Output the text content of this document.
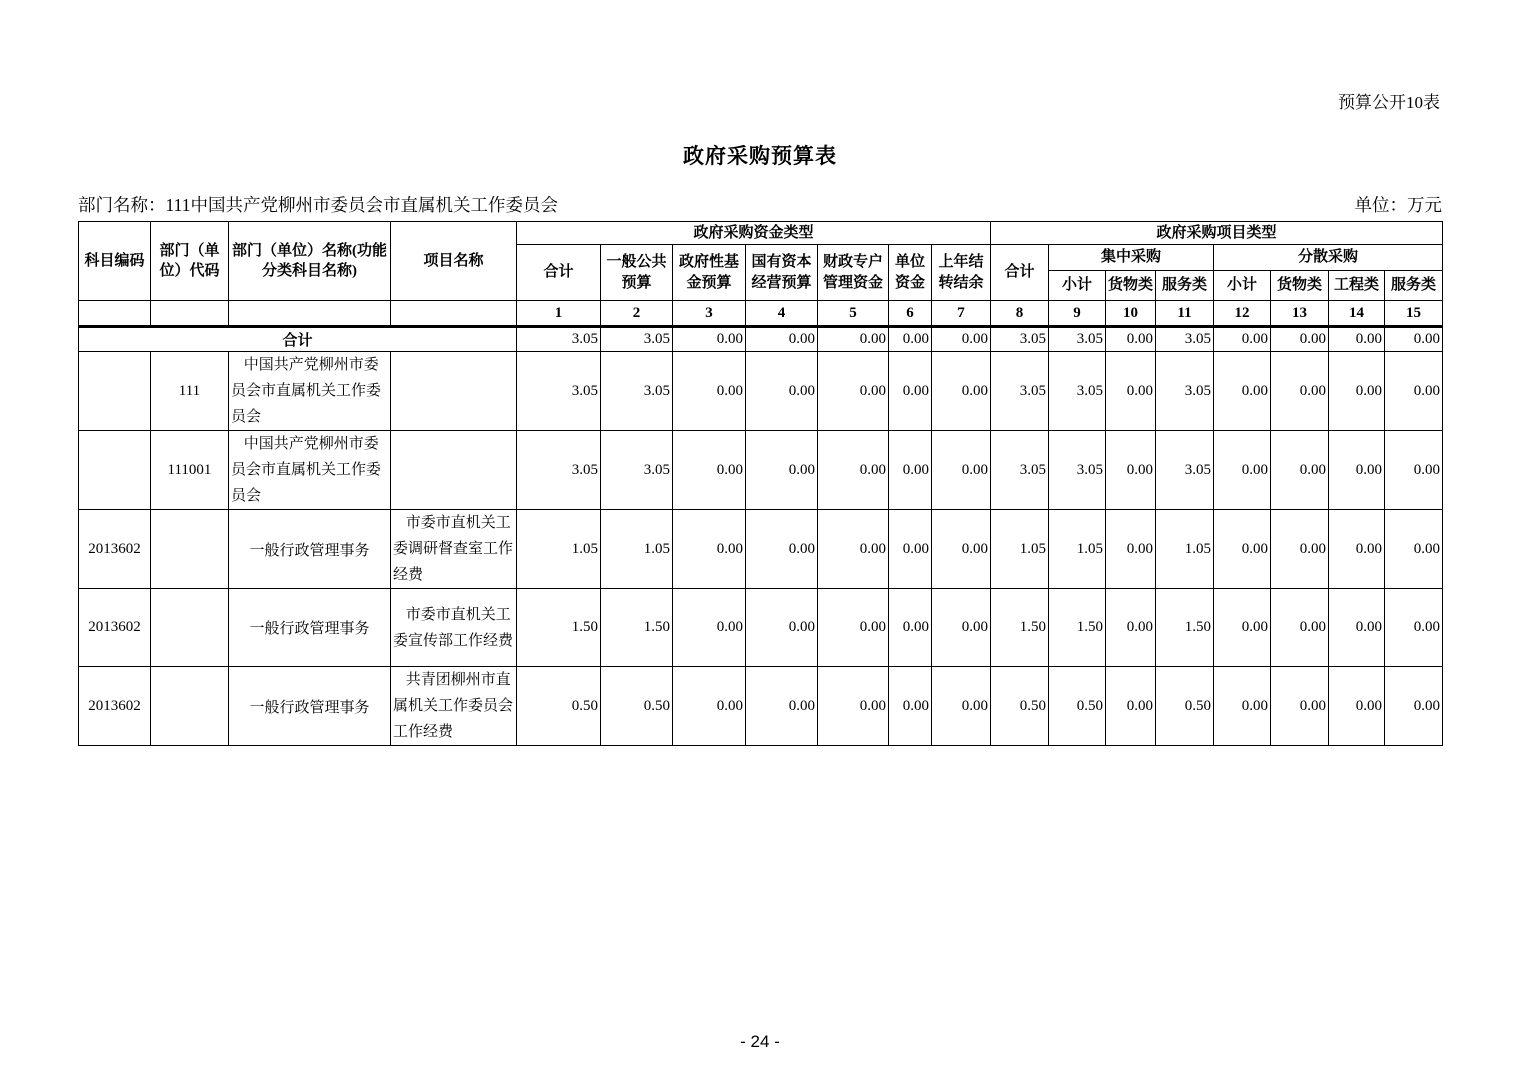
预算公开10表
政府采购预算表
部门名称：111中国共产党柳州市委员会市直属机关工作委员会	单位：万元
科目编码	部门（单位）代码	部门（单位）名称(功能分类科目名称)	项目名称	政府采购资金类型							政府采购项目类型							
				合计	一般公共预算	政府性基金预算	国有资本经营预算	财政专户管理资金	单位资金	上年结转结余	合计	集中采购			分散采购			
												小计	货物类	服务类	小计	货物类	工程类	服务类
				1	2	3	4	5	6	7	8	9	10	11	12	13	14	15
合计				3.05	3.05	0.00	0.00	0.00	0.00	0.00	3.05	3.05	0.00	3.05	0.00	0.00	0.00	0.00
	111	中国共产党柳州市委员会市直属机关工作委员会		3.05	3.05	0.00	0.00	0.00	0.00	0.00	3.05	3.05	0.00	3.05	0.00	0.00	0.00	0.00
	111001	中国共产党柳州市委员会市直属机关工作委员会		3.05	3.05	0.00	0.00	0.00	0.00	0.00	3.05	3.05	0.00	3.05	0.00	0.00	0.00	0.00
2013602		一般行政管理事务	市委市直机关工委调研督查室工作经费	1.05	1.05	0.00	0.00	0.00	0.00	0.00	1.05	1.05	0.00	1.05	0.00	0.00	0.00	0.00
2013602		一般行政管理事务	市委市直机关工委宣传部工作经费	1.50	1.50	0.00	0.00	0.00	0.00	0.00	1.50	1.50	0.00	1.50	0.00	0.00	0.00	0.00
2013602		一般行政管理事务	共青团柳州市直属机关工作委员会工作经费	0.50	0.50	0.00	0.00	0.00	0.00	0.00	0.50	0.50	0.00	0.50	0.00	0.00	0.00	0.00
- 24 -
